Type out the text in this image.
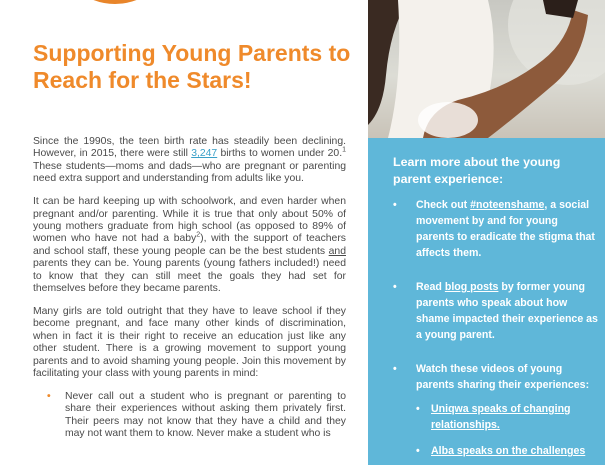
Supporting Young Parents to Reach for the Stars!

Since the 1990s, the teen birth rate has steadily been declining. However, in 2015, there were still 3,247 births to women under 20.$^1$ These students—moms and dads—who are pregnant or parenting need extra support and understanding from adults like you.

It can be hard keeping up with schoolwork, and even harder when pregnant and/or parenting. While it is true that only about 50% of young mothers graduate from high school (as opposed to 89% of women who have not had a baby$^2$), with the support of teachers and school staff, these young people can be the best students and parents they can be. Young parents (young fathers included!) need to know that they can still meet the goals they had set for themselves before they became parents.

Many girls are told outright that they have to leave school if they become pregnant, and face many other kinds of discrimination, when in fact it is their right to receive an education just like any other student. There is a growing movement to support young parents and to avoid shaming young people. Join this movement by facilitating your class with young parents in mind:

• Never call out a student who is pregnant or parenting to share their experiences without asking them privately first. Their peers may not know that they have a child and they may not want them to know. Never make a student who is
Learn more about the young parent experience:
• Check out #noteenshame, a social movement by and for young parents to eradicate the stigma that affects them.
• Read blog posts by former young parents who speak about how shame impacted their experience as a young parent.
• Watch these videos of young parents sharing their experiences:
• Uniqwa speaks of changing relationships.
• Alba speaks on the challenges
